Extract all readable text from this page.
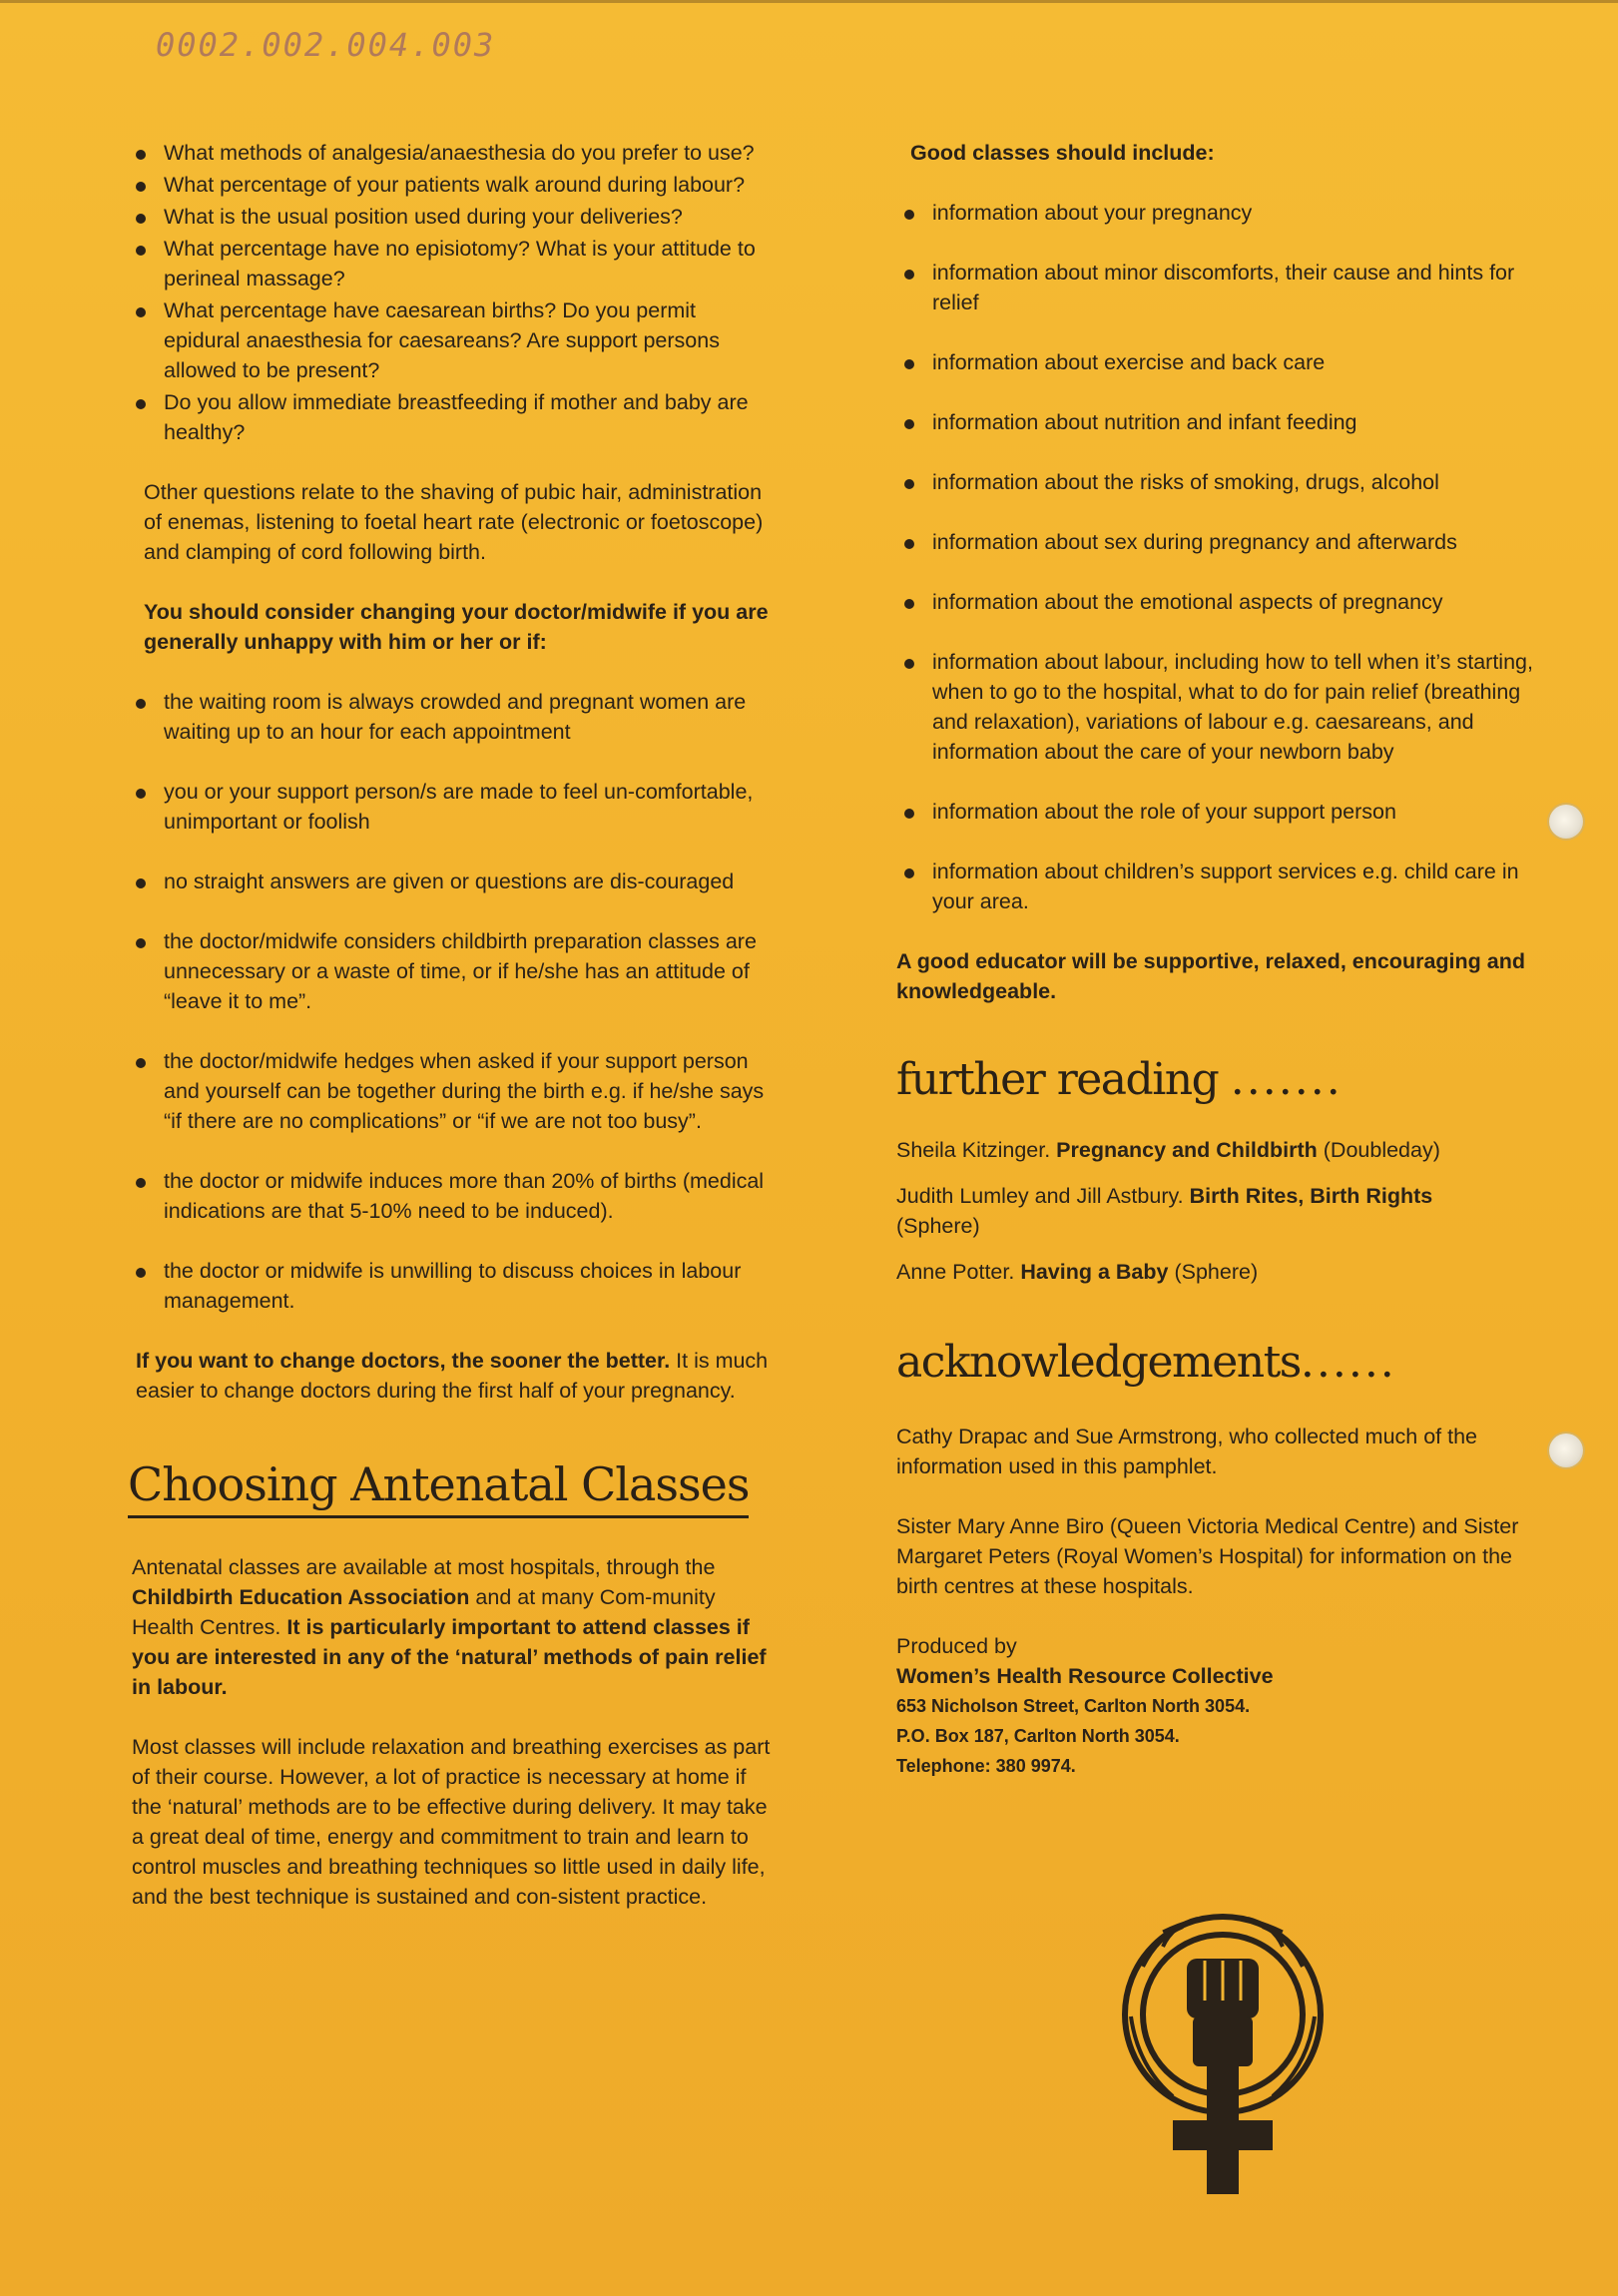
0002.002.004.003
What methods of analgesia/anaesthesia do you prefer to use?
What percentage of your patients walk around during labour?
What is the usual position used during your deliveries?
What percentage have no episiotomy? What is your attitude to perineal massage?
What percentage have caesarean births? Do you permit epidural anaesthesia for caesareans? Are support persons allowed to be present?
Do you allow immediate breastfeeding if mother and baby are healthy?

Other questions relate to the shaving of pubic hair, administration of enemas, listening to foetal heart rate (electronic or foetoscope) and clamping of cord following birth.

You should consider changing your doctor/midwife if you are generally unhappy with him or her or if:

the waiting room is always crowded and pregnant women are waiting up to an hour for each appointment
you or your support person/s are made to feel un-comfortable, unimportant or foolish
no straight answers are given or questions are dis-couraged
the doctor/midwife considers childbirth preparation classes are unnecessary or a waste of time, or if he/she has an attitude of “leave it to me”.
the doctor/midwife hedges when asked if your support person and yourself can be together during the birth e.g. if he/she says “if there are no complications” or “if we are not too busy”.
the doctor or midwife induces more than 20% of births (medical indications are that 5-10% need to be induced).
the doctor or midwife is unwilling to discuss choices in labour management.

If you want to change doctors, the sooner the better. It is much easier to change doctors during the first half of your pregnancy.

Choosing Antenatal Classes

Antenatal classes are available at most hospitals, through the Childbirth Education Association and at many Com-munity Health Centres. It is particularly important to attend classes if you are interested in any of the ‘natural’ methods of pain relief in labour.

Most classes will include relaxation and breathing exercises as part of their course. However, a lot of practice is necessary at home if the ‘natural’ methods are to be effective during delivery. It may take a great deal of time, energy and commitment to train and learn to control muscles and breathing techniques so little used in daily life, and the best technique is sustained and con-sistent practice.

Good classes should include:

information about your pregnancy
information about minor discomforts, their cause and hints for relief
information about exercise and back care
information about nutrition and infant feeding
information about the risks of smoking, drugs, alcohol
information about sex during pregnancy and afterwards
information about the emotional aspects of pregnancy
information about labour, including how to tell when it’s starting, when to go to the hospital, what to do for pain relief (breathing and relaxation), variations of labour e.g. caesareans, and information about the care of your newborn baby
information about the role of your support person
information about children’s support services e.g. child care in your area.

A good educator will be supportive, relaxed, encouraging and knowledgeable.

further reading .......

Sheila Kitzinger. Pregnancy and Childbirth (Doubleday)

Judith Lumley and Jill Astbury. Birth Rites, Birth Rights (Sphere)

Anne Potter. Having a Baby (Sphere)

acknowledgements......

Cathy Drapac and Sue Armstrong, who collected much of the information used in this pamphlet.

Sister Mary Anne Biro (Queen Victoria Medical Centre) and Sister Margaret Peters (Royal Women’s Hospital) for information on the birth centres at these hospitals.

Produced by

Women’s Health Resource Collective

653 Nicholson Street, Carlton North 3054.

P.O. Box 187, Carlton North 3054.

Telephone: 380 9974.
